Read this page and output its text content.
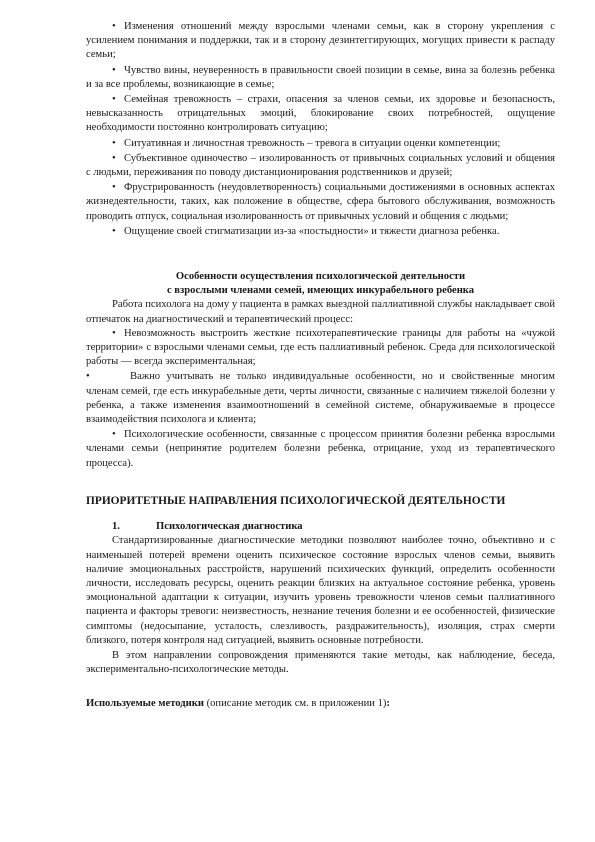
• Изменения отношений между взрослыми членами семьи, как в сторону укрепления с усилением понимания и поддержки, так и в сторону дезинтеггирующих, могущих привести к распаду семьи;

• Чувство вины, неуверенность в правильности своей позиции в семье, вина за болезнь ребенка и за все проблемы, возникающие в семье;

• Семейная тревожность – страхи, опасения за членов семьи, их здоровье и безопасность, невысказанность отрицательных эмоций, блокирование своих потребностей, ощущение необходимости постоянно контролировать ситуацию;

• Ситуативная и личностная тревожность – тревога в ситуации оценки компетенции;

• Субъективное одиночество – изолированность от привычных социальных условий и общения с людьми, переживания по поводу дистанционирования родственников и друзей;

• Фрустрированность (неудовлетворенность) социальными достижениями в основных аспектах жизнедеятельности, таких, как положение в обществе, сфера бытового обслуживания, возможность проводить отпуск, социальная изолированность от привычных условий и общения с людьми;

• Ощущение своей стигматизации из-за «постыдности» и тяжести диагноза ребенка.

Особенности осуществления психологической деятельности

с взрослыми членами семей, имеющих инкурабельного ребенка

Работа психолога на дому у пациента в рамках выездной паллиативной службы накладывает свой отпечаток на диагностический и терапевтический процесс:

• Невозможность выстроить жесткие психотерапевтические границы для работы на «чужой территории» с взрослыми членами семьи, где есть паллиативный ребенок. Среда для психологической работы — всегда экспериментальная;

•	Важно учитывать не только индивидуальные особенности, но и свойственные многим членам семей, где есть инкурабельные дети, черты личности, связанные с наличием тяжелой болезни у ребенка, а также изменения взаимоотношений в семейной системе, обнаруживаемые в процессе взаимодействия психолога и клиента;

• Психологические особенности, связанные с процессом принятия болезни ребенка взрослыми членами семьи (непринятие родителем болезни ребенка, отрицание, уход из терапевтического процесса).

ПРИОРИТЕТНЫЕ НАПРАВЛЕНИЯ ПСИХОЛОГИЧЕСКОЙ ДЕЯТЕЛЬНОСТИ

1.	Психологическая диагностика

Стандартизированные диагностические методики позволяют наиболее точно, объективно и с наименьшей потерей времени оценить психическое состояние взрослых членов семьи, выявить наличие эмоциональных расстройств, нарушений психических функций, определить особенности личности, исследовать ресурсы, оценить реакции близких на актуальное состояние ребенка, уровень эмоциональной адаптации к ситуации, изучить уровень тревожности членов семьи паллиативного пациента и факторы тревоги: неизвестность, незнание течения болезни и ее особенностей, физические симптомы (недосыпание, усталость, слезливость, раздражительность), изоляция, страх смерти близкого, потеря контроля над ситуацией, выявить основные потребности.

В этом направлении сопровождения применяются такие методы, как наблюдение, беседа, экспериментально-психологические методы.

Используемые методики (описание методик см. в приложении 1):
